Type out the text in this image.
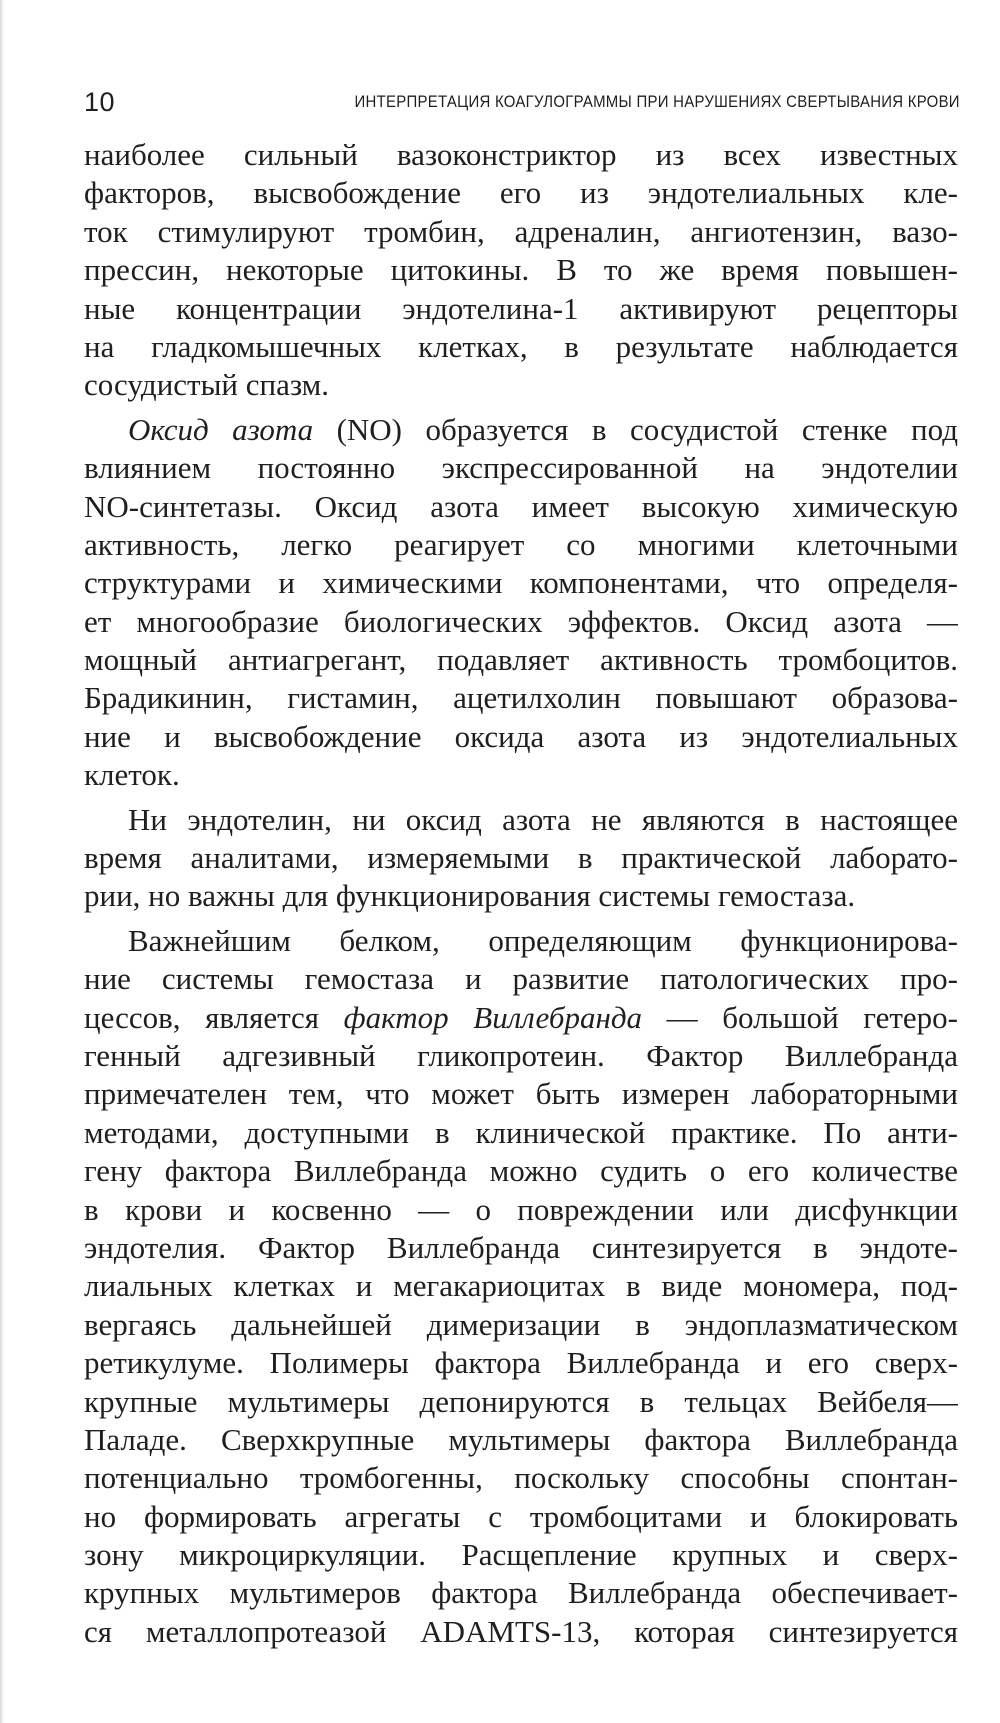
10	ИНТЕРПРЕТАЦИЯ КОАГУЛОГРАММЫ ПРИ НАРУШЕНИЯХ СВЕРТЫВАНИЯ КРОВИ
наиболее сильный вазоконстриктор из всех известных
факторов, высвобождение его из эндотелиальных кле-
ток стимулируют тромбин, адреналин, ангиотензин, вазо-
прессин, некоторые цитокины. В то же время повышен-
ные концентрации эндотелина-1 активируют рецепторы
на гладкомышечных клетках, в результате наблюдается
сосудистый спазм.
Оксид азота (NO) образуется в сосудистой стенке под
влиянием постоянно экспрессированной на эндотелии
NO-синтетазы. Оксид азота имеет высокую химическую
активность, легко реагирует со многими клеточными
структурами и химическими компонентами, что определя-
ет многообразие биологических эффектов. Оксид азота —
мощный антиагрегант, подавляет активность тромбоцитов.
Брадикинин, гистамин, ацетилхолин повышают образова-
ние и высвобождение оксида азота из эндотелиальных
клеток.
Ни эндотелин, ни оксид азота не являются в настоящее
время аналитами, измеряемыми в практической лаборато-
рии, но важны для функционирования системы гемостаза.
Важнейшим белком, определяющим функционирова-
ние системы гемостаза и развитие патологических про-
цессов, является фактор Виллебранда — большой гетеро-
генный адгезивный гликопротеин. Фактор Виллебранда
примечателен тем, что может быть измерен лабораторными
методами, доступными в клинической практике. По анти-
гену фактора Виллебранда можно судить о его количестве
в крови и косвенно — о повреждении или дисфункции
эндотелия. Фактор Виллебранда синтезируется в эндоте-
лиальных клетках и мегакариоцитах в виде мономера, под-
вергаясь дальнейшей димеризации в эндоплазматическом
ретикулуме. Полимеры фактора Виллебранда и его сверх-
крупные мультимеры депонируются в тельцах Вейбеля—
Паладе. Сверхкрупные мультимеры фактора Виллебранда
потенциально тромбогенны, поскольку способны спонтан-
но формировать агрегаты с тромбоцитами и блокировать
зону микроциркуляции. Расщепление крупных и сверх-
крупных мультимеров фактора Виллебранда обеспечивает-
ся металлопротеазой ADAMTS-13, которая синтезируется
